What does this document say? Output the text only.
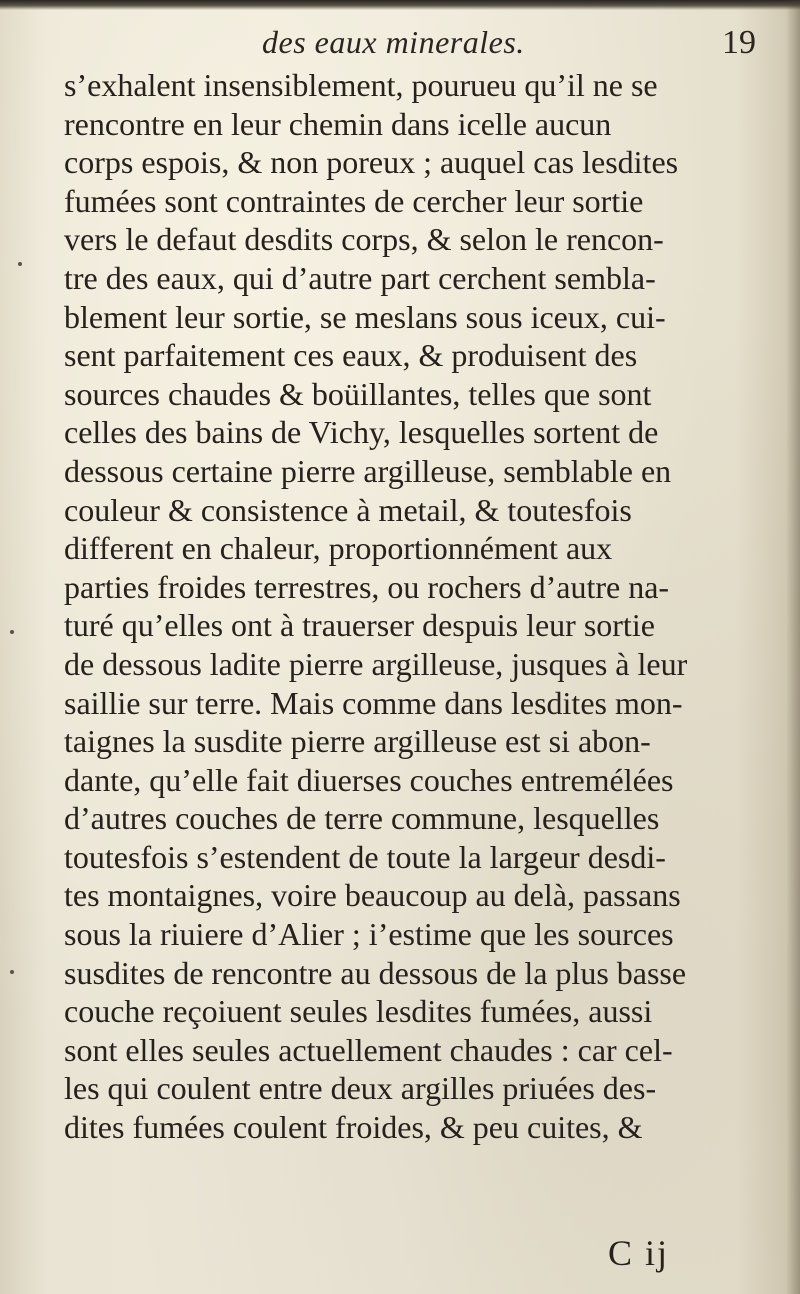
des eaux minerales.	19
s’exhalent insensiblement, pourueu qu’il ne se
rencontre en leur chemin dans icelle aucun
corps espois, & non poreux ; auquel cas lesdites
fumées sont contraintes de cercher leur sortie
vers le defaut desdits corps, & selon le rencon-
tre des eaux, qui d’autre part cerchent sembla-
blement leur sortie, se meslans sous iceux, cui-
sent parfaitement ces eaux, & produisent des
sources chaudes & boüillantes, telles que sont
celles des bains de Vichy, lesquelles sortent de
dessous certaine pierre argilleuse, semblable en
couleur & consistence à metail, & toutesfois
different en chaleur, proportionnément aux
parties froides terrestres, ou rochers d’autre na-
turé qu’elles ont à trauerser despuis leur sortie
de dessous ladite pierre argilleuse, jusques à leur
saillie sur terre. Mais comme dans lesdites mon-
taignes la susdite pierre argilleuse est si abon-
dante, qu’elle fait diuerses couches entremélées
d’autres couches de terre commune, lesquelles
toutesfois s’estendent de toute la largeur desdi-
tes montaignes, voire beaucoup au delà, passans
sous la riuiere d’Alier ; i’estime que les sources
susdites de rencontre au dessous de la plus basse
couche reçoiuent seules lesdites fumées, aussi
sont elles seules actuellement chaudes : car cel-
les qui coulent entre deux argilles priuées des-
dites fumées coulent froides, & peu cuites, &
C ij
